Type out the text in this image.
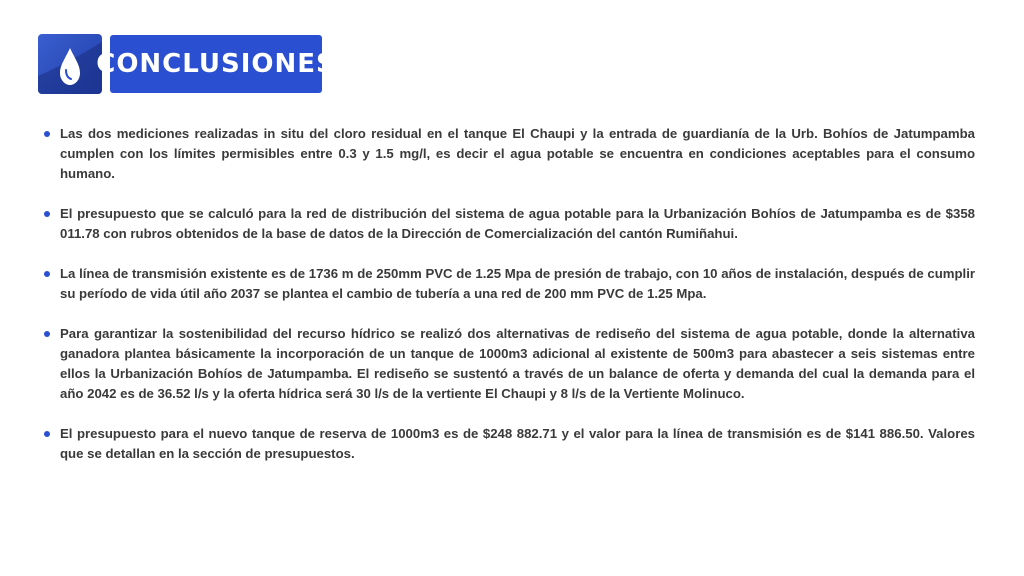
CONCLUSIONES
Las dos mediciones realizadas in situ del cloro residual en el tanque El Chaupi y la entrada de guardianía de la Urb. Bohíos de Jatumpamba cumplen con los límites permisibles entre 0.3 y 1.5 mg/l, es decir el agua potable se encuentra en condiciones aceptables para el consumo humano.
El presupuesto que se calculó para la red de distribución del sistema de agua potable para la Urbanización Bohíos de Jatumpamba es de $358 011.78 con rubros obtenidos de la base de datos de la Dirección de Comercialización del cantón Rumiñahui.
La línea de transmisión existente es de 1736 m de 250mm PVC de 1.25 Mpa de presión de trabajo, con 10 años de instalación, después de cumplir su período de vida útil año 2037 se plantea el cambio de tubería a una red de 200 mm PVC de 1.25 Mpa.
Para garantizar la sostenibilidad del recurso hídrico se realizó dos alternativas de rediseño del sistema de agua potable, donde la alternativa ganadora plantea básicamente la incorporación de un tanque de 1000m3 adicional al existente de 500m3 para abastecer a seis sistemas entre ellos la Urbanización Bohíos de Jatumpamba. El rediseño se sustentó a través de un balance de oferta y demanda del cual la demanda para el año 2042 es de 36.52 l/s y la oferta hídrica será 30 l/s de la vertiente El Chaupi y 8 l/s de la Vertiente Molinuco.
El presupuesto para el nuevo tanque de reserva de 1000m3 es de $248 882.71 y el valor para la línea de transmisión es de $141 886.50. Valores que se detallan en la sección de presupuestos.
